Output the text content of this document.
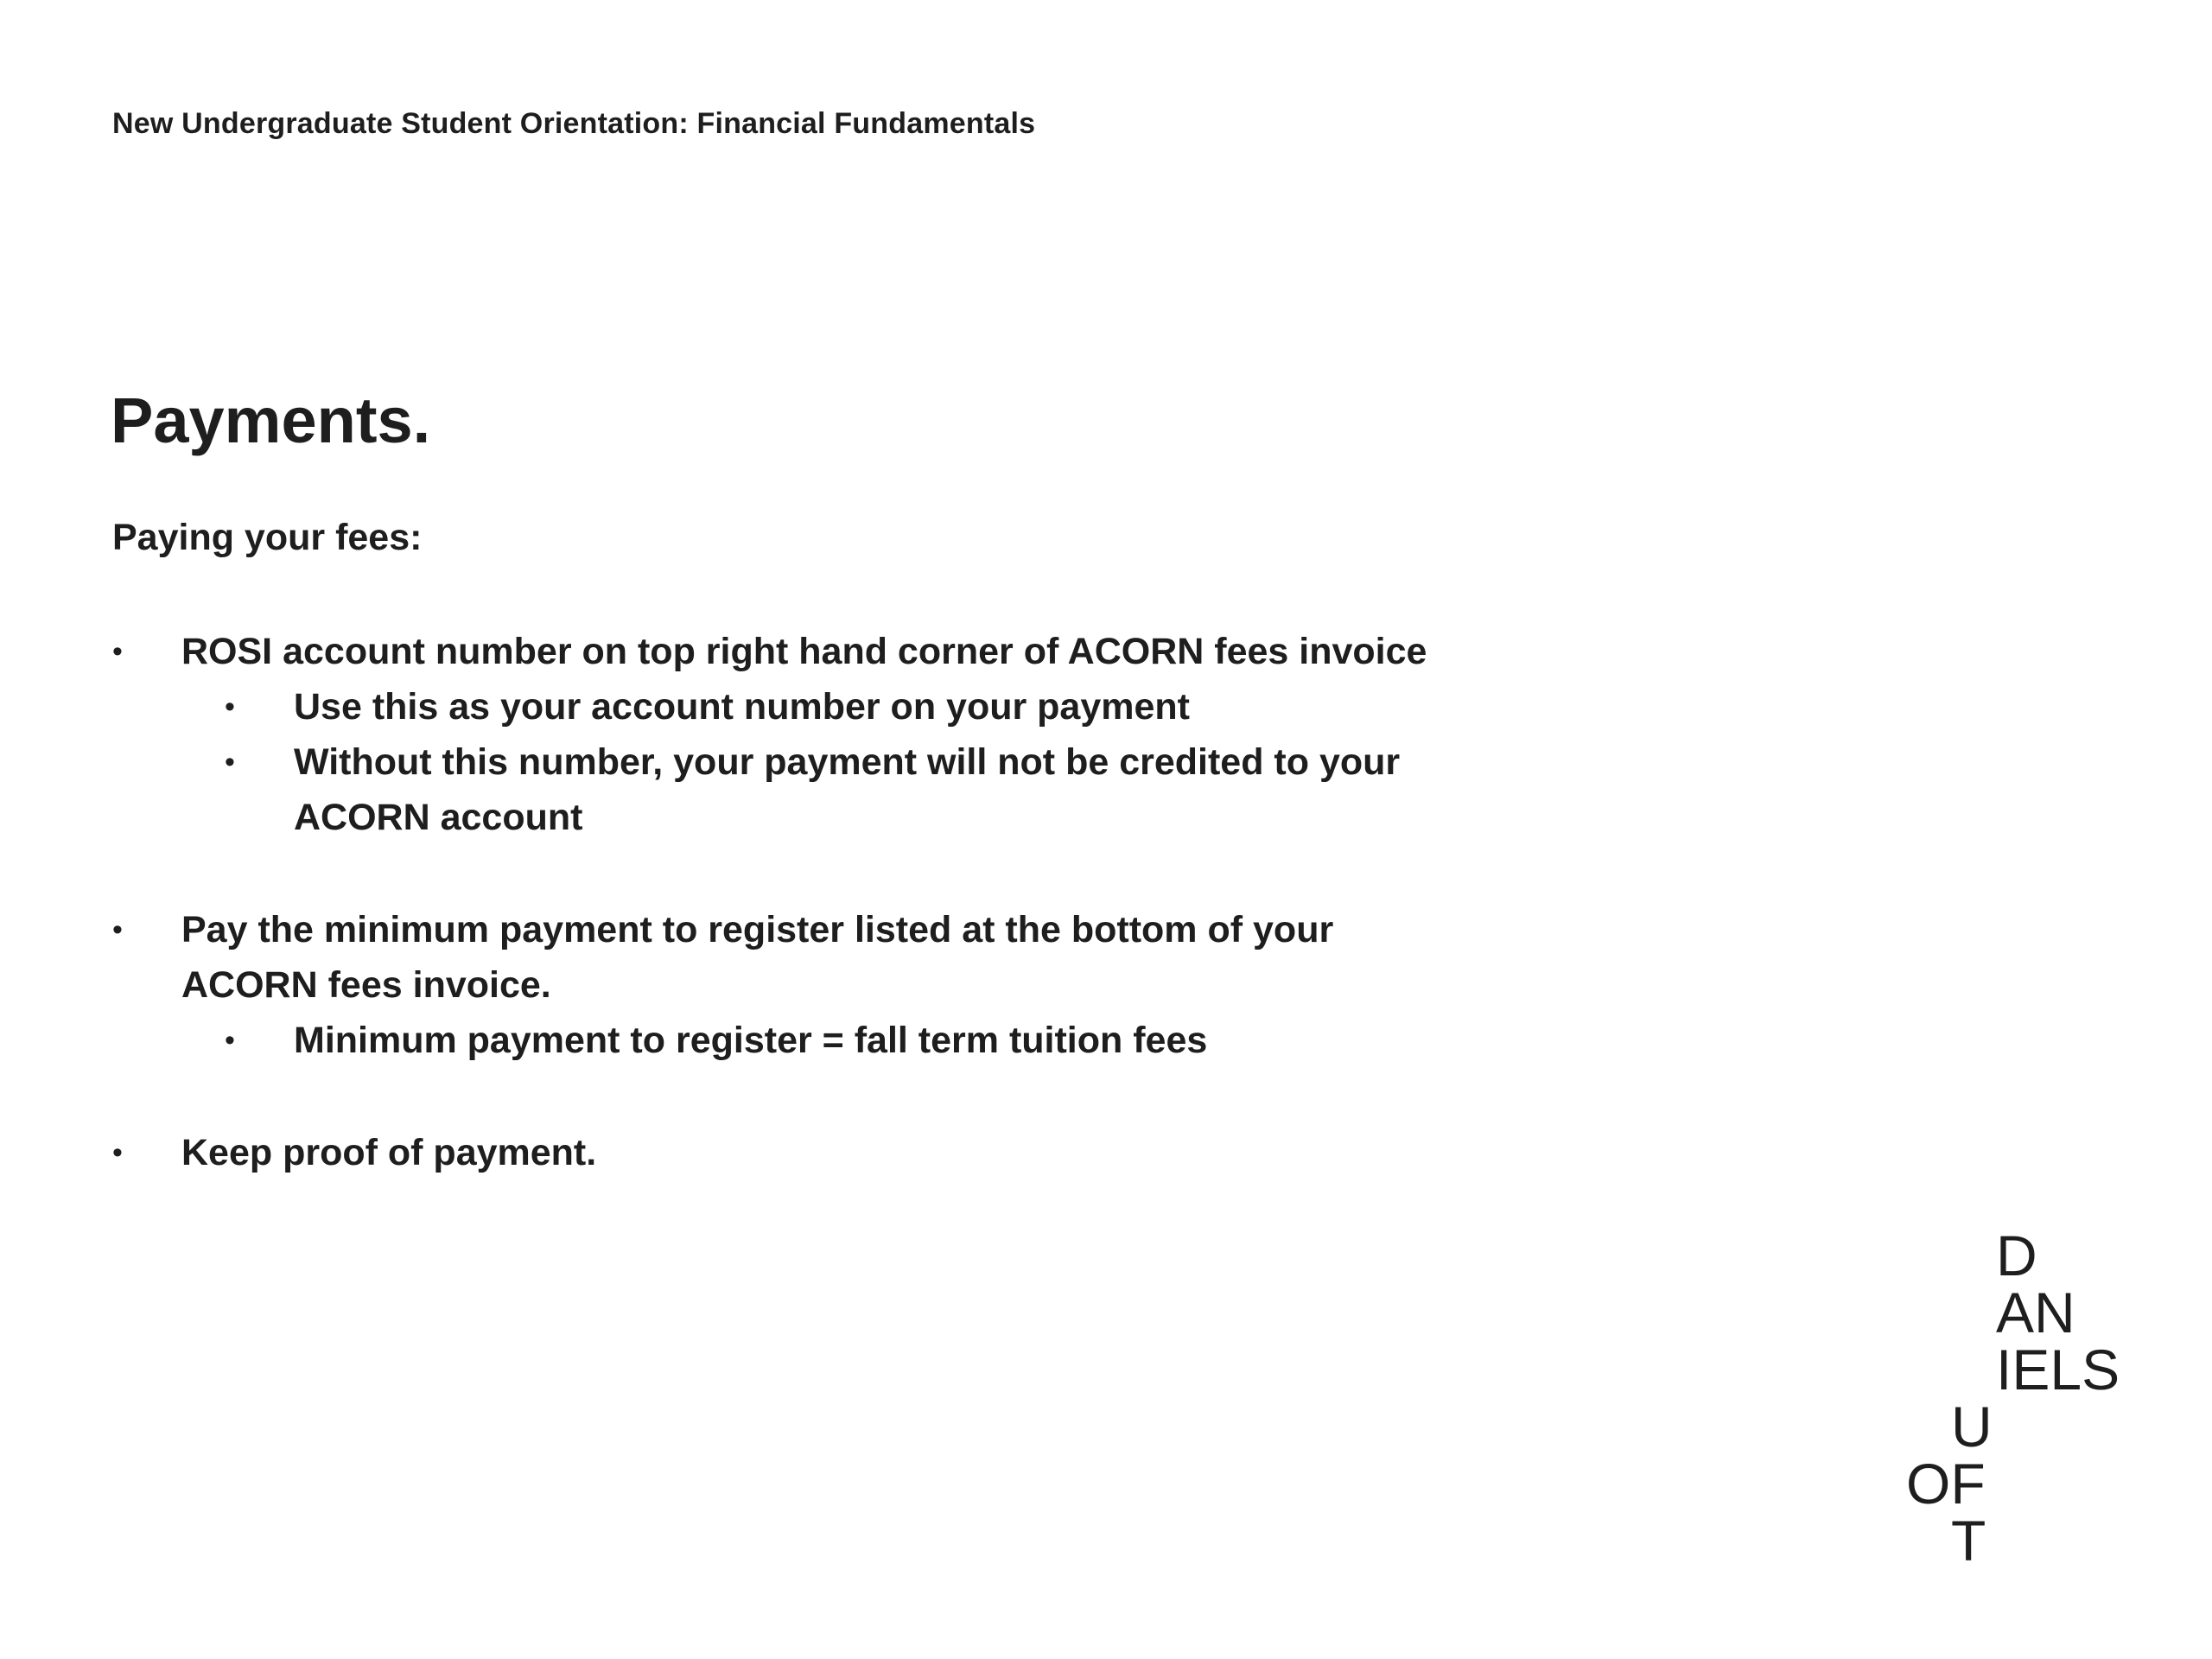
New Undergraduate Student Orientation: Financial Fundamentals
Payments.
Paying your fees:
• ROSI account number on top right hand corner of ACORN fees invoice
• Use this as your account number on your payment
• Without this number, your payment will not be credited to your
ACORN account
• Pay the minimum payment to register listed at the bottom of your
ACORN fees invoice.
• Minimum payment to register = fall term tuition fees
• Keep proof of payment.
D
AN
IELS
U
OF
T
